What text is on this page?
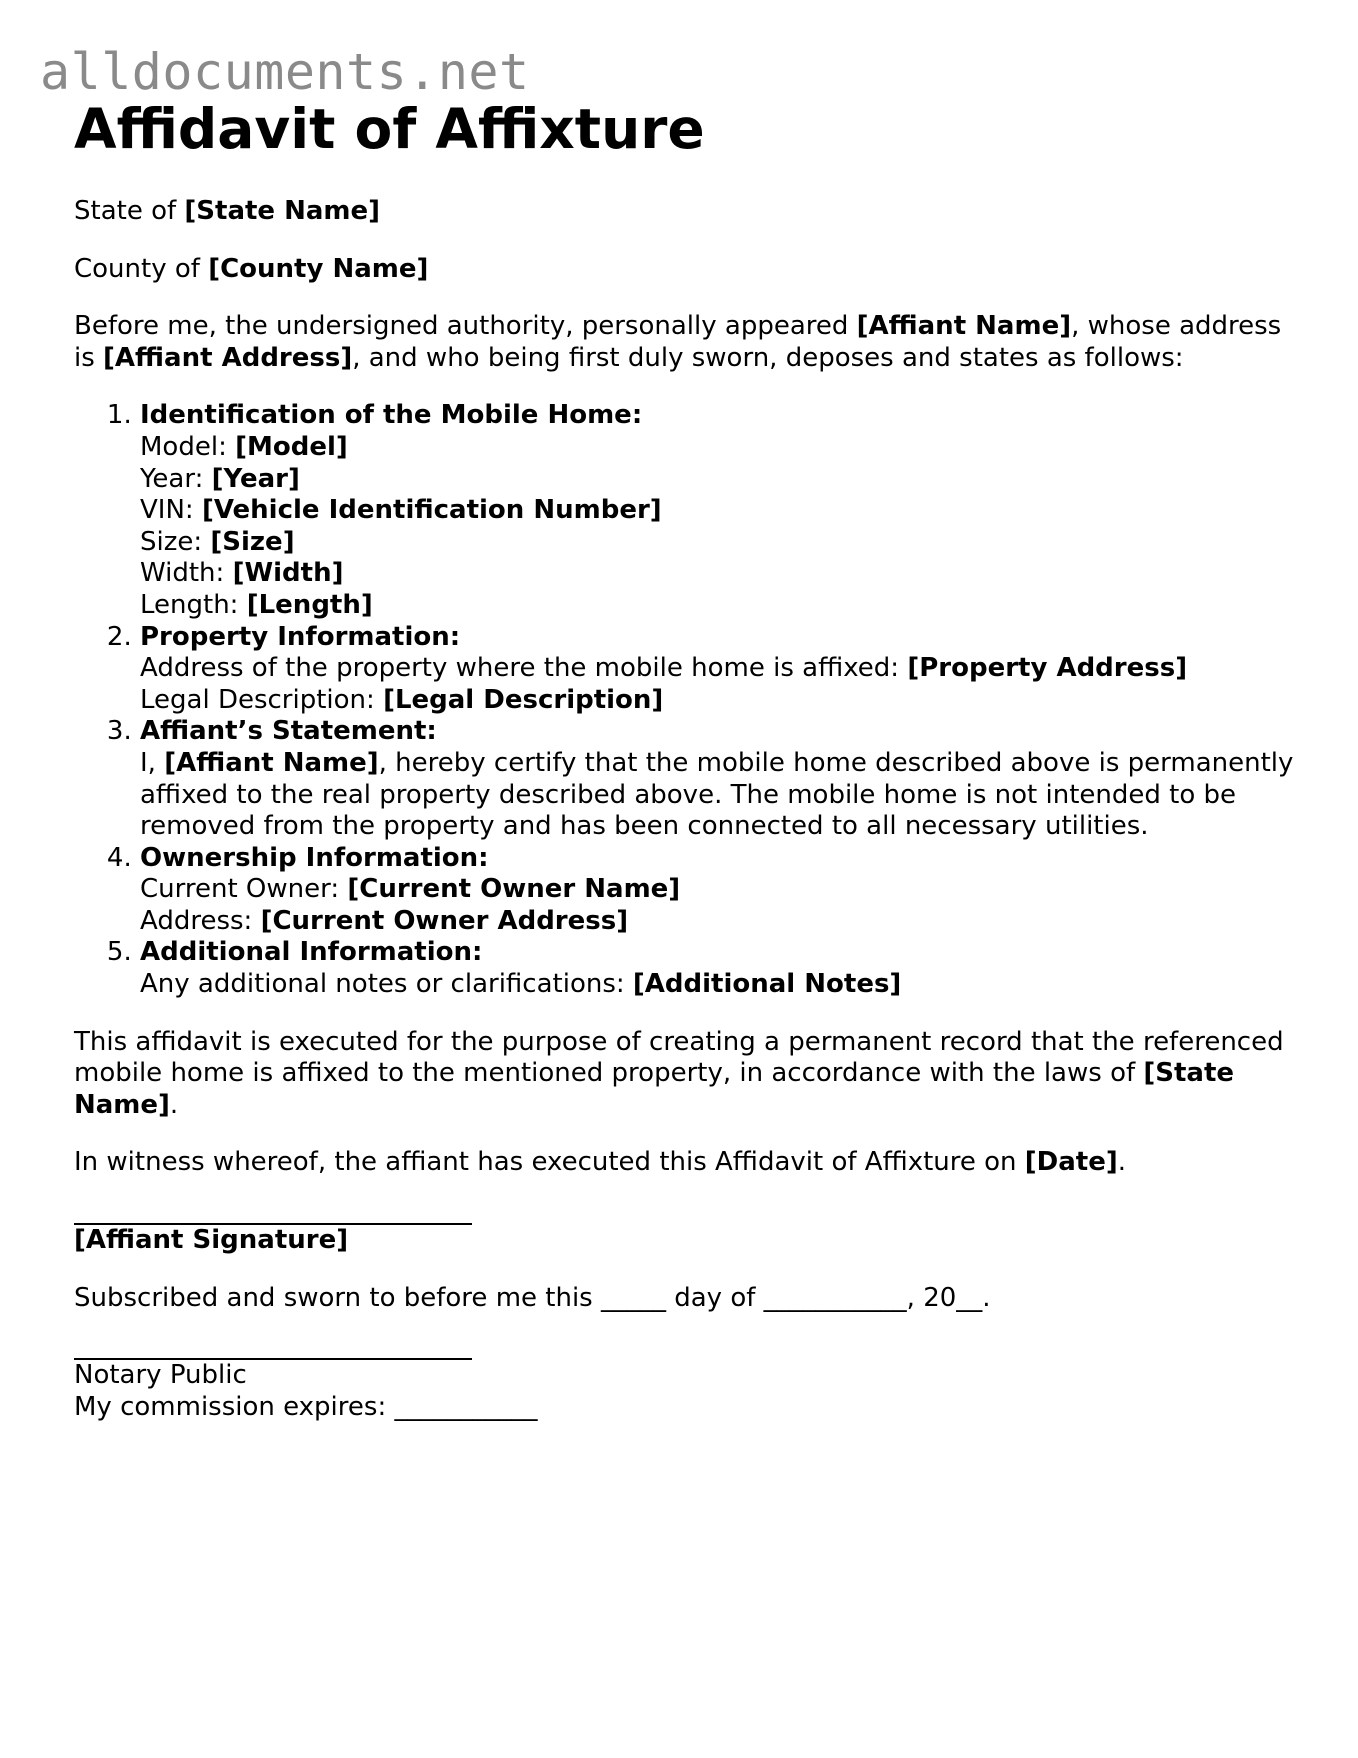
alldocuments.net
Affidavit of Affixture

State of [State Name]

County of [County Name]

Before me, the undersigned authority, personally appeared [Affiant Name], whose address is [Affiant Address], and who being first duly sworn, deposes and states as follows:

1. Identification of the Mobile Home:
Model: [Model]
Year: [Year]
VIN: [Vehicle Identification Number]
Size: [Size]
Width: [Width]
Length: [Length]
2. Property Information:
Address of the property where the mobile home is affixed: [Property Address]
Legal Description: [Legal Description]
3. Affiant’s Statement:
I, [Affiant Name], hereby certify that the mobile home described above is permanently affixed to the real property described above. The mobile home is not intended to be removed from the property and has been connected to all necessary utilities.
4. Ownership Information:
Current Owner: [Current Owner Name]
Address: [Current Owner Address]
5. Additional Information:
Any additional notes or clarifications: [Additional Notes]

This affidavit is executed for the purpose of creating a permanent record that the referenced mobile home is affixed to the mentioned property, in accordance with the laws of [State Name].

In witness whereof, the affiant has executed this Affidavit of Affixture on [Date].

[Affiant Signature]

Subscribed and sworn to before me this _____ day of ___________, 20__.

Notary Public

My commission expires: ___________
